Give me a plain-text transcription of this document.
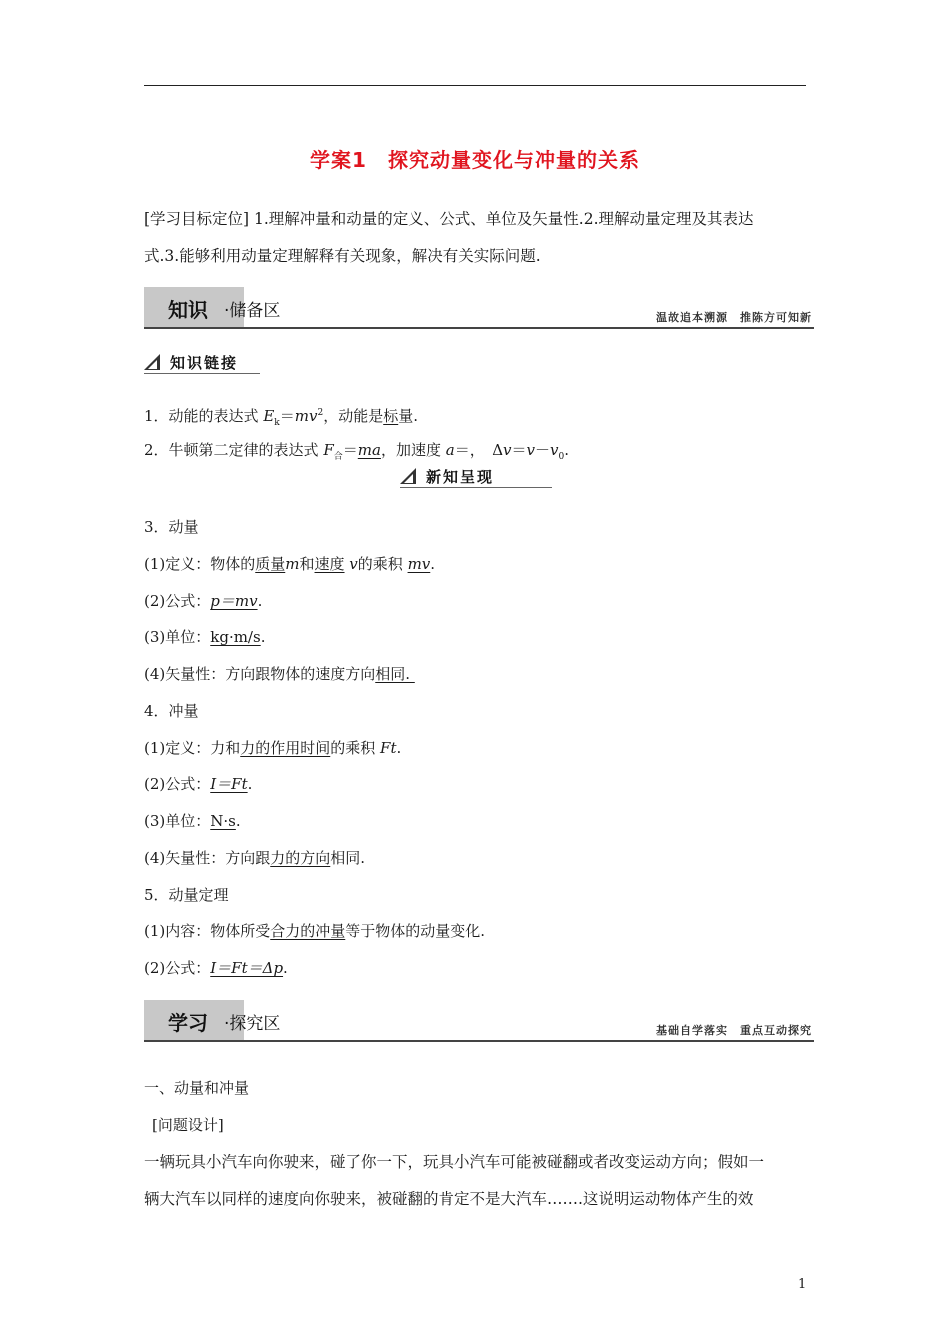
学案1　探究动量变化与冲量的关系
[学习目标定位] 1.理解冲量和动量的定义、公式、单位及矢量性.2.理解动量定理及其表达
式.3.能够利用动量定理解释有关现象，解决有关实际问题.
知识 ·储备区	温故追本溯源　推陈方可知新
知识链接
1．动能的表达式 $E_k=mv^2$，动能是标量.
2．牛顿第二定律的表达式 $F_合=ma$，加速度 a＝，　$\Delta v=v-v_0$.
新知呈现
3．动量
(1)定义：物体的质量m和速度 v的乘积 mv.
(2)公式：p＝mv.
(3)单位：kg·m/s.
(4)矢量性：方向跟物体的速度方向相同.
4．冲量
(1)定义：力和力的作用时间的乘积 Ft.
(2)公式：I＝Ft.
(3)单位：N·s.
(4)矢量性：方向跟力的方向相同.
5．动量定理
(1)内容：物体所受合力的冲量等于物体的动量变化.
(2)公式：I＝Ft＝Δp.
学习 ·探究区	基础自学落实　重点互动探究
一、动量和冲量
[问题设计]
一辆玩具小汽车向你驶来，碰了你一下，玩具小汽车可能被碰翻或者改变运动方向；假如一
辆大汽车以同样的速度向你驶来，被碰翻的肯定不是大汽车…….这说明运动物体产生的效
1
